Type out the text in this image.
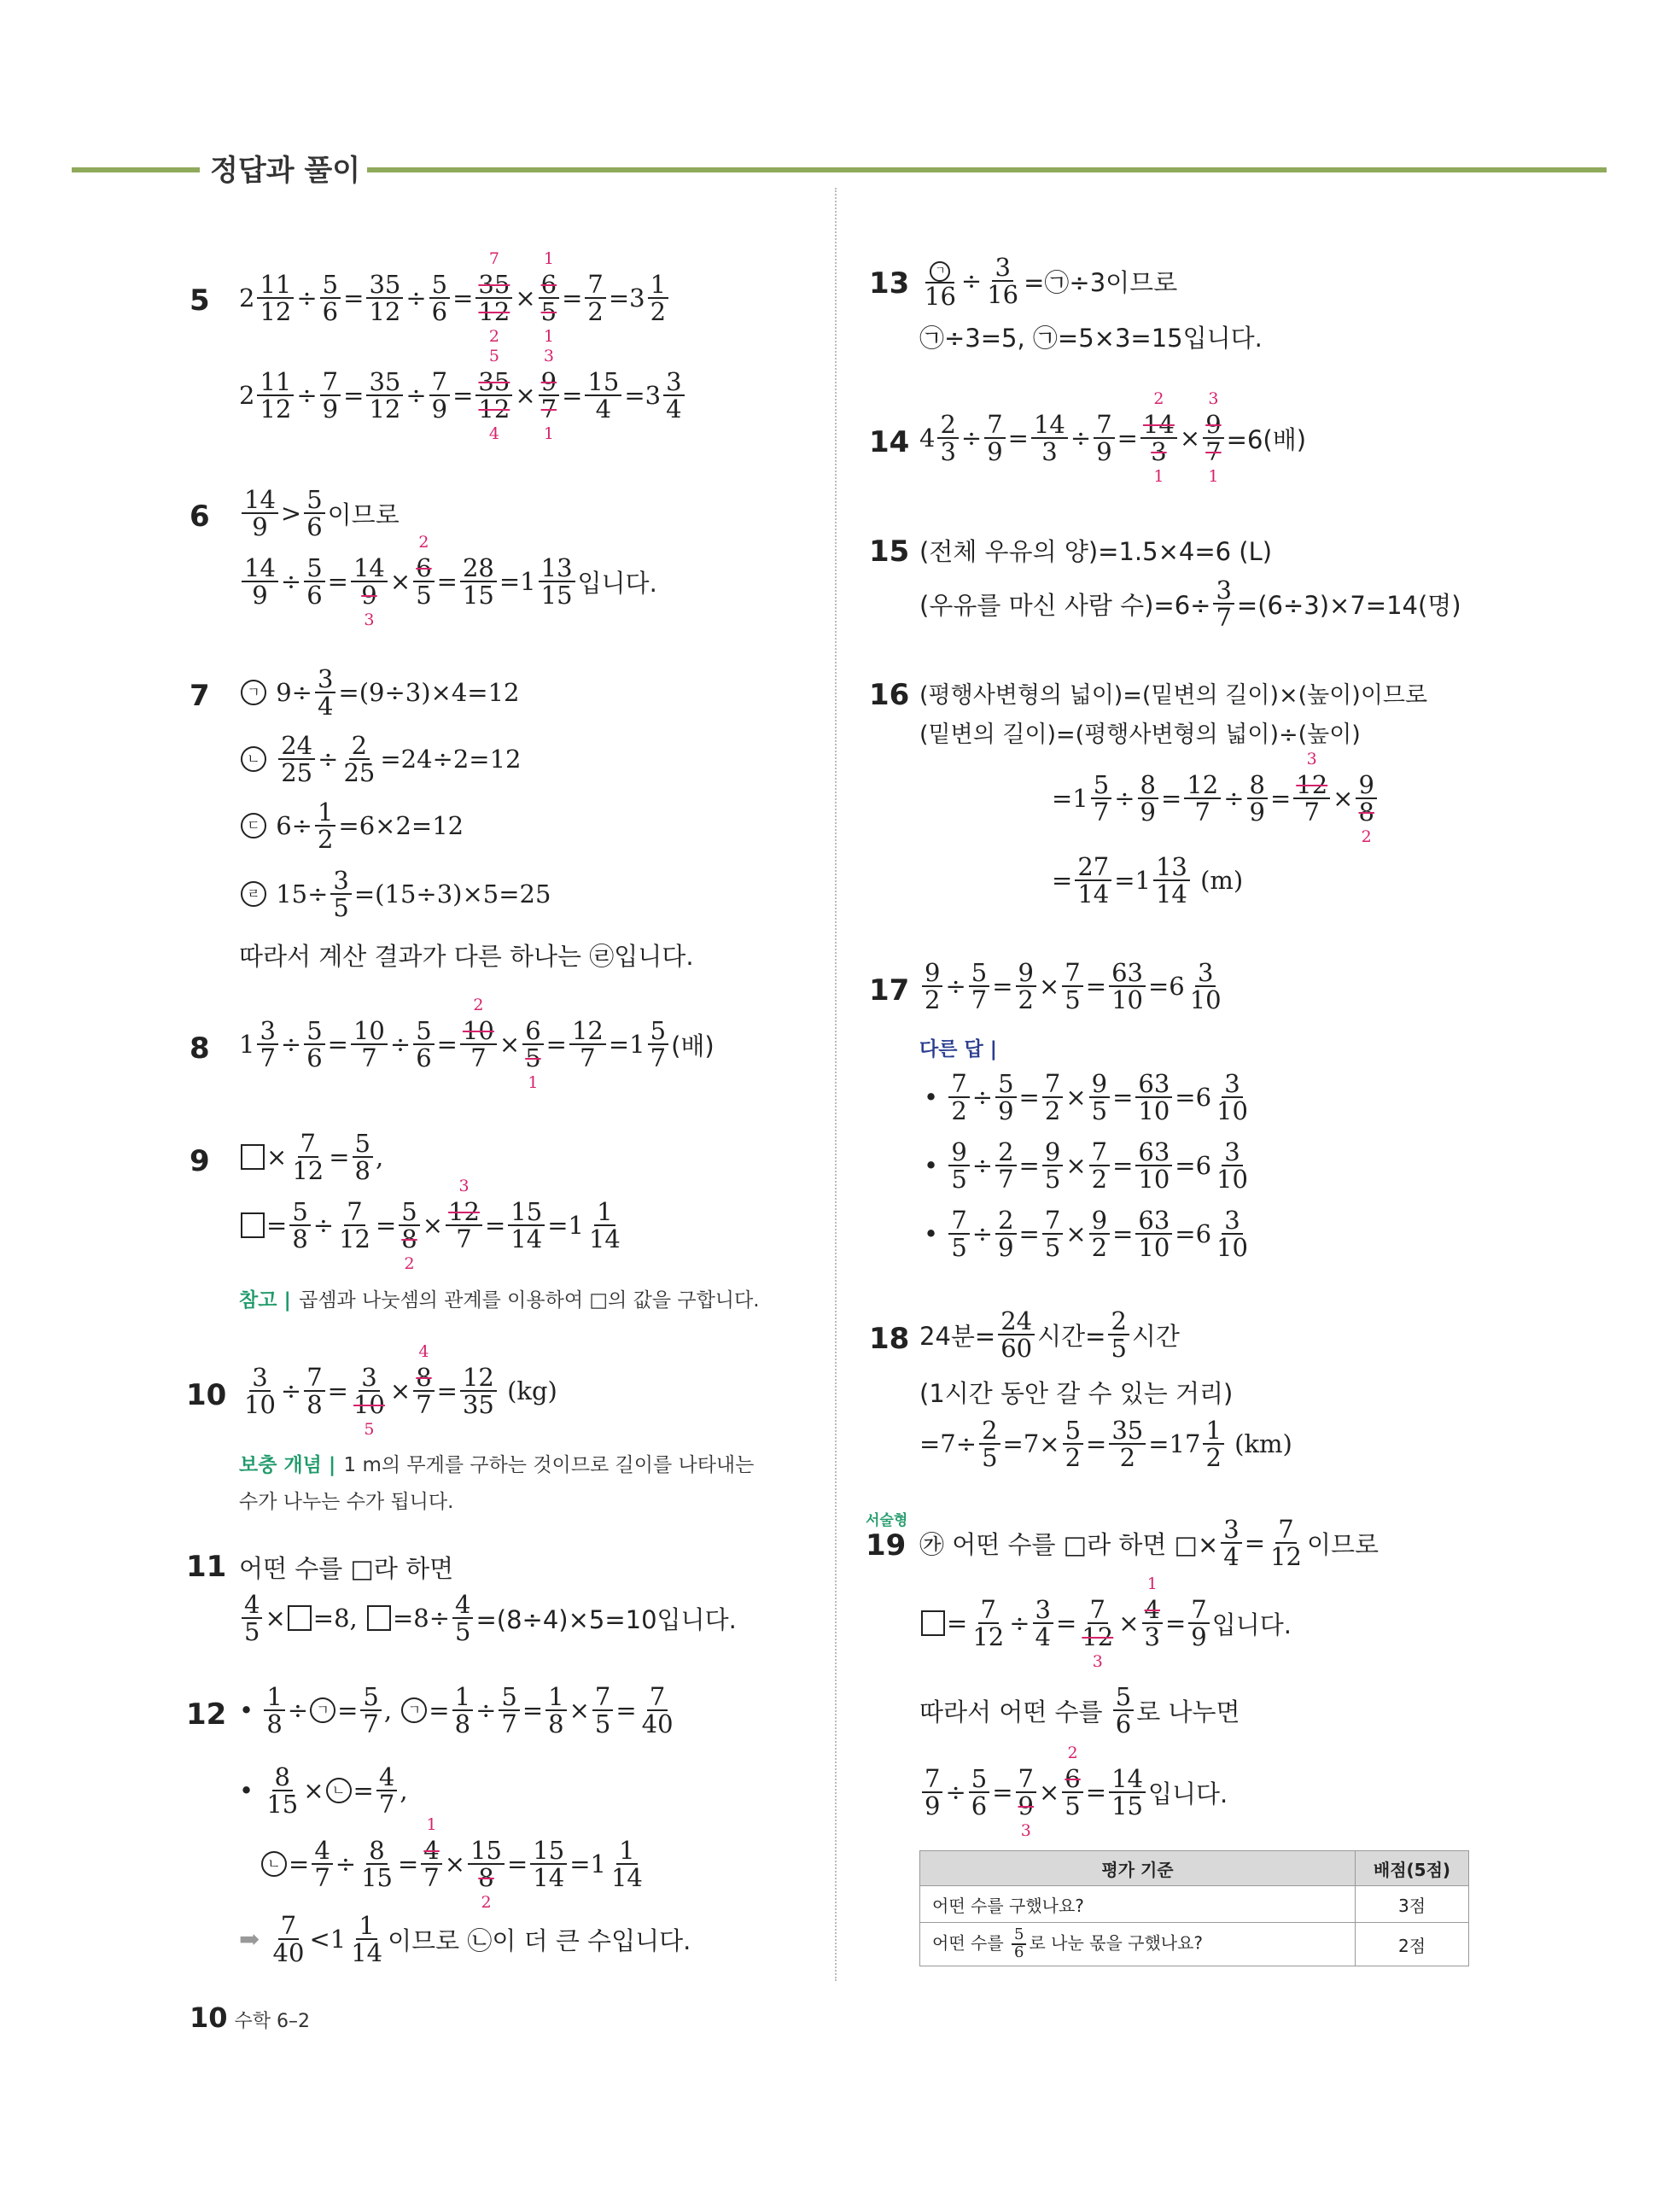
정답과 풀이
5 $2 \frac{11}{12} \div \frac{5}{6} = \frac{35}{12} \div \frac{5}{6}$ =
7
35
12
2
×
1
6
5
1
= $\frac{7}{2} =3 \frac{1}{2}$
$2 \frac{11}{12} \div \frac{7}{9} = \frac{35}{12} \div \frac{7}{9}$ =
5
35
12
4
×
3
9
7
1
= $\frac{15}{4} =3 \frac{3}{4}$
$6 \frac{14}{9} > \frac{5}{6}$ 이므로
$\frac{14}{9} \div \frac{5}{6} = 14$
9
3
×
2
6
$5 = \frac{28}{15} =1 \frac{13}{15}$ 입니다.
7	ㄱ $9\div \frac{3}{4} =(9\div 3)\times 4=12$
ㄴ
$\frac{24}{25} \div \frac{2}{25} =24\div 2=12$
ㄷ $6\div \frac{1}{2} =6\times 2=12$
ㄹ $15\div \frac{3}{5} =(15\div 3)\times 5=25$
따라서 계산 결과가 다른 하나는 ㉣입니다.
8 $1 \frac{3}{7} \div \frac{5}{6} = \frac{10}{7} \div \frac{5}{6}$ =
2
10
7 × 6
5
1
= $\frac{12}{7} =1 \frac{5}{7}$ (배)
9	× $\frac{7}{12} = \frac{5}{8}$ ,
= $\frac{5}{8} \div \frac{7}{12} = 5$
8
2
×
3
12
$7 = \frac{15}{14} =1 \frac{1}{14}$
참고 |
곱셈과 나눗셈의 관계를 이용하여 □의 값을 구합니다.
$10 \frac{3}{10} \div \frac{7}{8} = 3$
10
5
×
4
8
$7 = \frac{12}{35}$
(kg)
보충 개념 |
1 m의 무게를 구하는 것이므로 길이를 나타내는
수가 나누는 수가 됩니다.
11 어떤 수를 □라 하면
$\frac{4}{5} \times =8$,
$=8\div \frac{4}{5} =(8\div 4)\times 5=10$입니다.
12 • $\frac{1}{8}$ ÷ ㄱ = $\frac{5}{7}$ , ㄱ = $\frac{1}{8} \div \frac{5}{7} = \frac{1}{8} \times \frac{7}{5} = \frac{7}{40}$
• $\frac{8}{15}$ × ㄴ = $\frac{4}{7}$ ,
ㄴ = $\frac{4}{7} \div \frac{8}{15}$ =
1
4
7 × 15
8
2
= $\frac{15}{14} =1 \frac{1}{14}$
➡
$\frac{7}{40} <1 \frac{1}{14}$ 이므로 ㉡이 더 큰 수입니다.
$13 \frac{\text{ㄱ}}{16} \div \frac{3}{16}$ =㉠÷3이므로
㉠÷3=5, ㉠=5×3=15입니다.
14 $4 \frac{2}{3} \div \frac{7}{9} = \frac{14}{3} \div \frac{7}{9}$ =
2
14
3
1
×
3
9
7
1
=6(배)
15 (전체 우유의 양)=1.5×4=6 (L)
(우유를 마신 사람 수)$=6\div \frac{3}{7} =(6\div 3)\times 7=14$(명)
16 (평행사변형의 넓이)=(밑변의 길이)×(높이)이므로
(밑변의 길이)=(평행사변형의 넓이)÷(높이)
$=1 \frac{5}{7} \div \frac{8}{9} = \frac{12}{7} \div \frac{8}{9}$ =
3
12
7 × 9
8
2
= $\frac{27}{14} =1 \frac{13}{14}$
(m)
$17 \frac{9}{2} \div \frac{5}{7} = \frac{9}{2} \times \frac{7}{5} = \frac{63}{10} =6 \frac{3}{10}$
다른 답 |
• $\frac{7}{2} \div \frac{5}{9} = \frac{7}{2} \times \frac{9}{5} = \frac{63}{10} =6 \frac{3}{10}$
• $\frac{9}{5} \div \frac{2}{7} = \frac{9}{5} \times \frac{7}{2} = \frac{63}{10} =6 \frac{3}{10}$
• $\frac{7}{5} \div \frac{2}{9} = \frac{7}{5} \times \frac{9}{2} = \frac{63}{10} =6 \frac{3}{10}$
18 24분= $\frac{24}{60}$ 시간= $\frac{2}{5}$ 시간
(1시간 동안 갈 수 있는 거리)
$=7\div \frac{2}{5} =7\times \frac{5}{2} = \frac{35}{2} =17 \frac{1}{2}$
(km)
서술형
19 ㉮ 어떤 수를 □라 하면 □× $\frac{3}{4} = \frac{7}{12}$ 이므로
= $\frac{7}{12} \div \frac{3}{4} = 7$
12
3
×
1
4
$3 = \frac{7}{9}$ 입니다.
따라서 어떤 수를
$\frac{5}{6}$ 로 나누면
$\frac{7}{9} \div \frac{5}{6} = 7$
9
3
×
2
6
$5 = \frac{14}{15}$ 입니다.
평가 기준	배점(5점)
어떤 수를 구했나요?	3점
어떤 수를 $\frac{5}{6}$ 로 나눈 몫을 구했나요?	2점
10 수학 6–2
